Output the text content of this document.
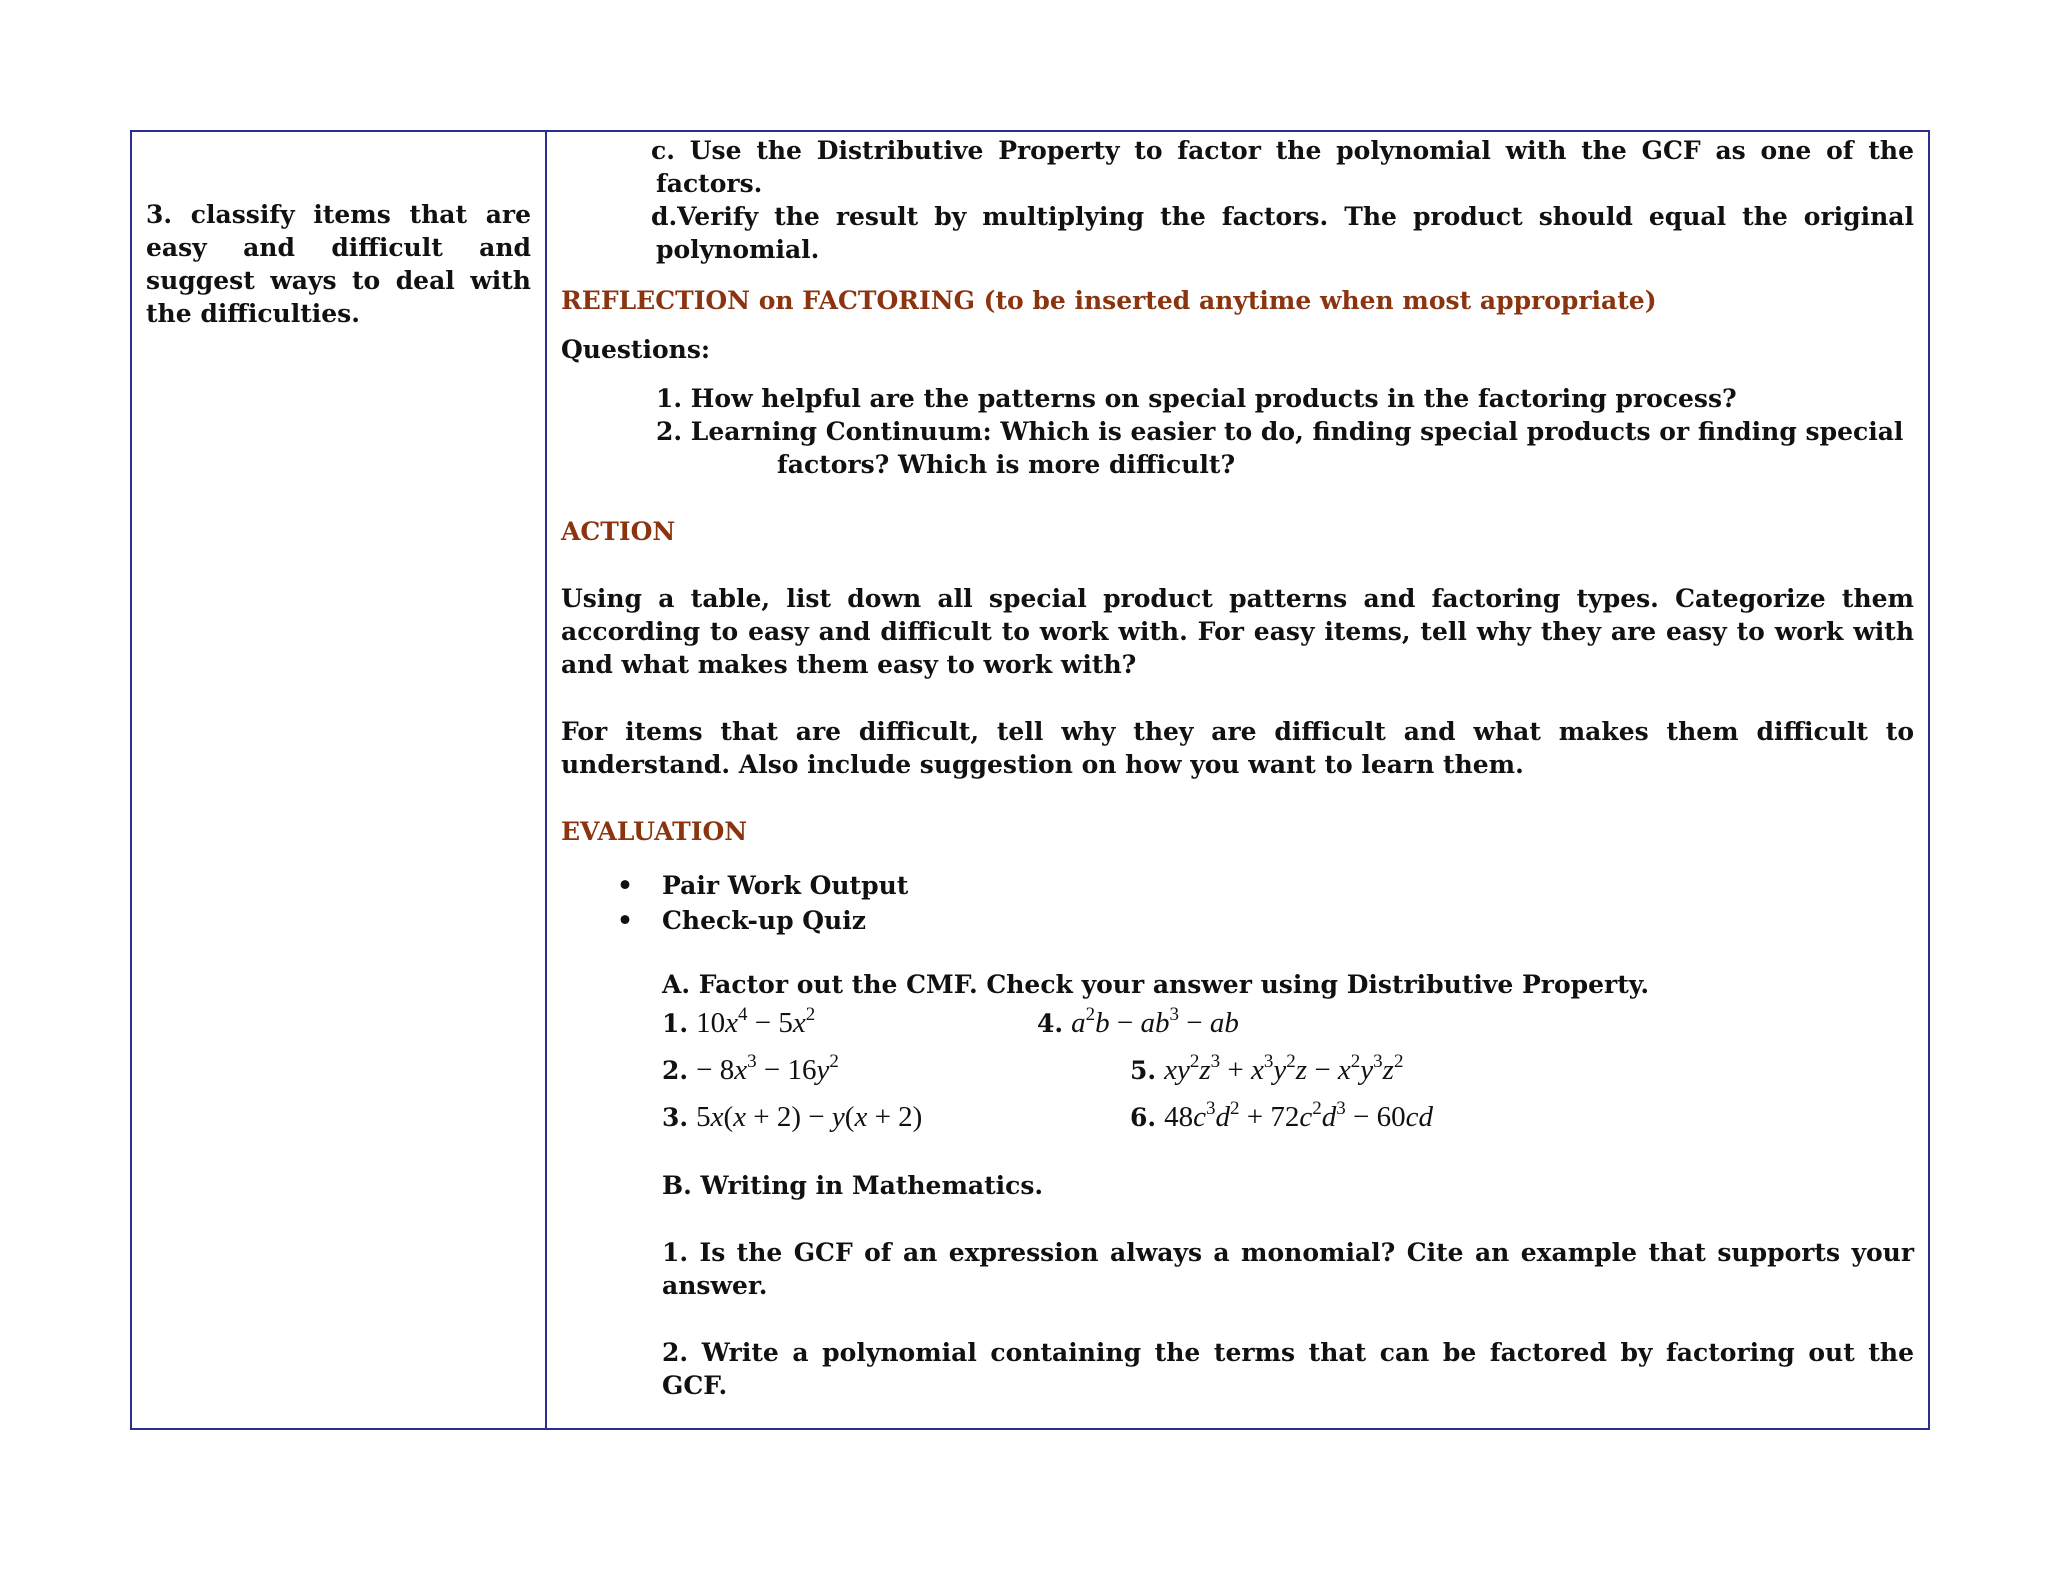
3. classify items that are easy and difficult and suggest ways to deal with the difficulties.
c. Use the Distributive Property to factor the polynomial with the GCF as one of the factors.
d.Verify the result by multiplying the factors. The product should equal the original polynomial.
REFLECTION on FACTORING (to be inserted anytime when most appropriate)
Questions:
1. How helpful are the patterns on special products in the factoring process?
2. Learning Continuum: Which is easier to do, finding special products or finding special
factors? Which is more difficult?
ACTION
Using a table, list down all special product patterns and factoring types. Categorize them according to easy and difficult to work with. For easy items, tell why they are easy to work with and what makes them easy to work with?
For items that are difficult, tell why they are difficult and what makes them difficult to understand. Also include suggestion on how you want to learn them.
EVALUATION
• Pair Work Output
• Check-up Quiz
A. Factor out the CMF. Check your answer using Distributive Property.
1. $10x^4 - 5x^2$	4. $a^2b - ab^3$ − ab
2. − $8x^3 - 16y^2$	5. $xy^2z^3 + x^3y^2z - x^2y^3z^2$
3. 5x(x + 2) − y(x + 2)	6. $48c^3d^2 + 72c^2d^3 - 60cd$
B. Writing in Mathematics.
1. Is the GCF of an expression always a monomial? Cite an example that supports your answer.
2. Write a polynomial containing the terms that can be factored by factoring out the GCF.
